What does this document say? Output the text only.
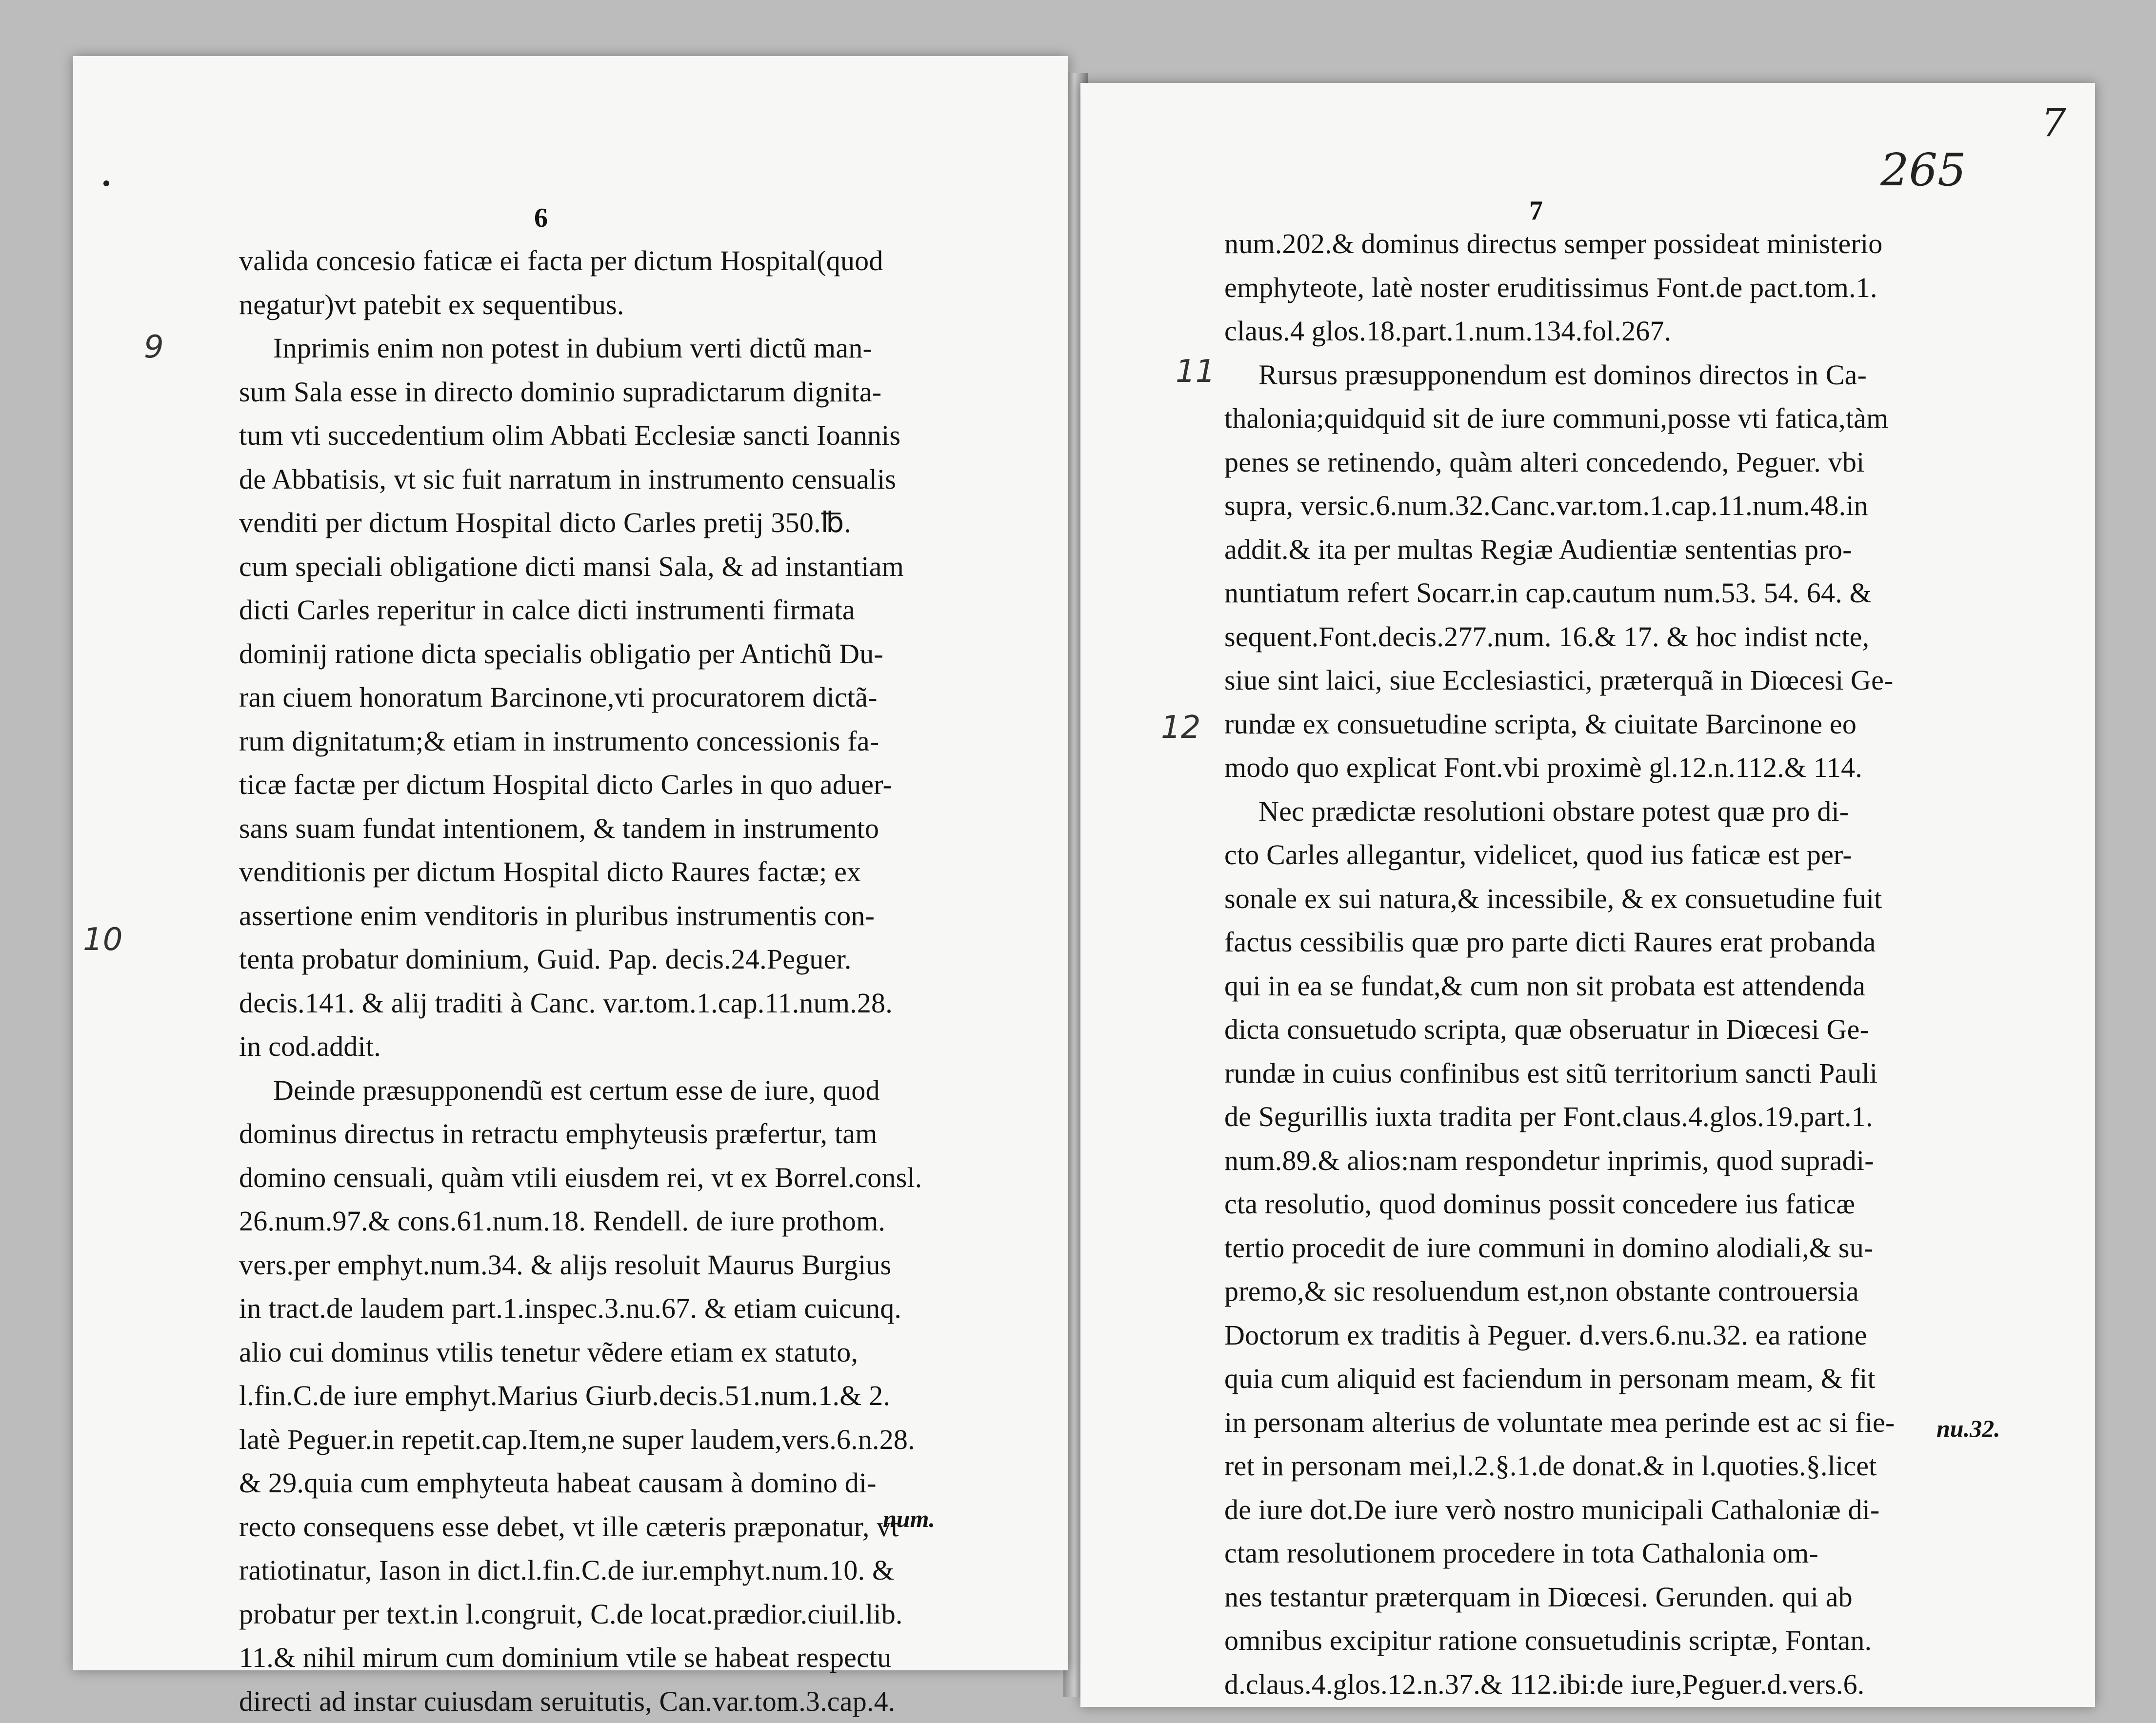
6
9
10
valida concesio faticæ ei facta per dictum Hospital(quod
negatur)vt patebit ex sequentibus.
Inprimis enim non potest in dubium verti dictũ man-
sum Sala esse in directo dominio supradictarum dignita-
tum vti succedentium olim Abbati Ecclesiæ sancti Ioannis
de Abbatisis, vt sic fuit narratum in instrumento censualis
venditi per dictum Hospital dicto Carles pretij 350.℔.
cum speciali obligatione dicti mansi Sala, & ad instantiam
dicti Carles reperitur in calce dicti instrumenti firmata
dominij ratione dicta specialis obligatio per Antichũ Du-
ran ciuem honoratum Barcinone,vti procuratorem dictã-
rum dignitatum;& etiam in instrumento concessionis fa-
ticæ factæ per dictum Hospital dicto Carles in quo aduer-
sans suam fundat intentionem, & tandem in instrumento
venditionis per dictum Hospital dicto Raures factæ; ex
assertione enim venditoris in pluribus instrumentis con-
tenta probatur dominium, Guid. Pap. decis.24.Peguer.
decis.141. & alij traditi à Canc. var.tom.1.cap.11.num.28.
in cod.addit.
Deinde præsupponendũ est certum esse de iure, quod
dominus directus in retractu emphyteusis præfertur, tam
domino censuali, quàm vtili eiusdem rei, vt ex Borrel.consl.
26.num.97.& cons.61.num.18. Rendell. de iure prothom.
vers.per emphyt.num.34. & alijs resoluit Maurus Burgius
in tract.de laudem part.1.inspec.3.nu.67. & etiam cuicunq.
alio cui dominus vtilis tenetur vẽdere etiam ex statuto,
l.fin.C.de iure emphyt.Marius Giurb.decis.51.num.1.& 2.
latè Peguer.in repetit.cap.Item,ne super laudem,vers.6.n.28.
& 29.quia cum emphyteuta habeat causam à domino di-
recto consequens esse debet, vt ille cæteris præponatur, vt
ratiotinatur, Iason in dict.l.fin.C.de iur.emphyt.num.10. &
probatur per text.in l.congruit, C.de locat.prædior.ciuil.lib.
11.& nihil mirum cum dominium vtile se habeat respectu
directi ad instar cuiusdam seruitutis, Can.var.tom.3.cap.4.
num.
265
7
7
11
12
num.202.& dominus directus semper possideat ministerio
emphyteote, latè noster eruditissimus Font.de pact.tom.1.
claus.4 glos.18.part.1.num.134.fol.267.
Rursus præsupponendum est dominos directos in Ca-
thalonia;quidquid sit de iure communi,posse vti fatica,tàm
penes se retinendo, quàm alteri concedendo, Peguer. vbi
supra, versic.6.num.32.Canc.var.tom.1.cap.11.num.48.in
addit.& ita per multas Regiæ Audientiæ sententias pro-
nuntiatum refert Socarr.in cap.cautum num.53. 54. 64. &
sequent.Font.decis.277.num. 16.& 17. & hoc indist ncte,
siue sint laici, siue Ecclesiastici, præterquã in Diœcesi Ge-
rundæ ex consuetudine scripta, & ciuitate Barcinone eo
modo quo explicat Font.vbi proximè gl.12.n.112.& 114.
Nec prædictæ resolutioni obstare potest quæ pro di-
cto Carles allegantur, videlicet, quod ius faticæ est per-
sonale ex sui natura,& incessibile, & ex consuetudine fuit
factus cessibilis quæ pro parte dicti Raures erat probanda
qui in ea se fundat,& cum non sit probata est attendenda
dicta consuetudo scripta, quæ obseruatur in Diœcesi Ge-
rundæ in cuius confinibus est sitũ territorium sancti Pauli
de Segurillis iuxta tradita per Font.claus.4.glos.19.part.1.
num.89.& alios:nam respondetur inprimis, quod supradi-
cta resolutio, quod dominus possit concedere ius faticæ
tertio procedit de iure communi in domino alodiali,& su-
premo,& sic resoluendum est,non obstante controuersia
Doctorum ex traditis à Peguer. d.vers.6.nu.32. ea ratione
quia cum aliquid est faciendum in personam meam, & fit
in personam alterius de voluntate mea perinde est ac si fie-
ret in personam mei,l.2.§.1.de donat.& in l.quoties.§.licet
de iure dot.De iure verò nostro municipali Cathaloniæ di-
ctam resolutionem procedere in tota Cathalonia om-
nes testantur præterquam in Diœcesi. Gerunden. qui ab
omnibus excipitur ratione consuetudinis scriptæ, Fontan.
d.claus.4.glos.12.n.37.& 112.ibi:de iure,Peguer.d.vers.6.
nu.32.
